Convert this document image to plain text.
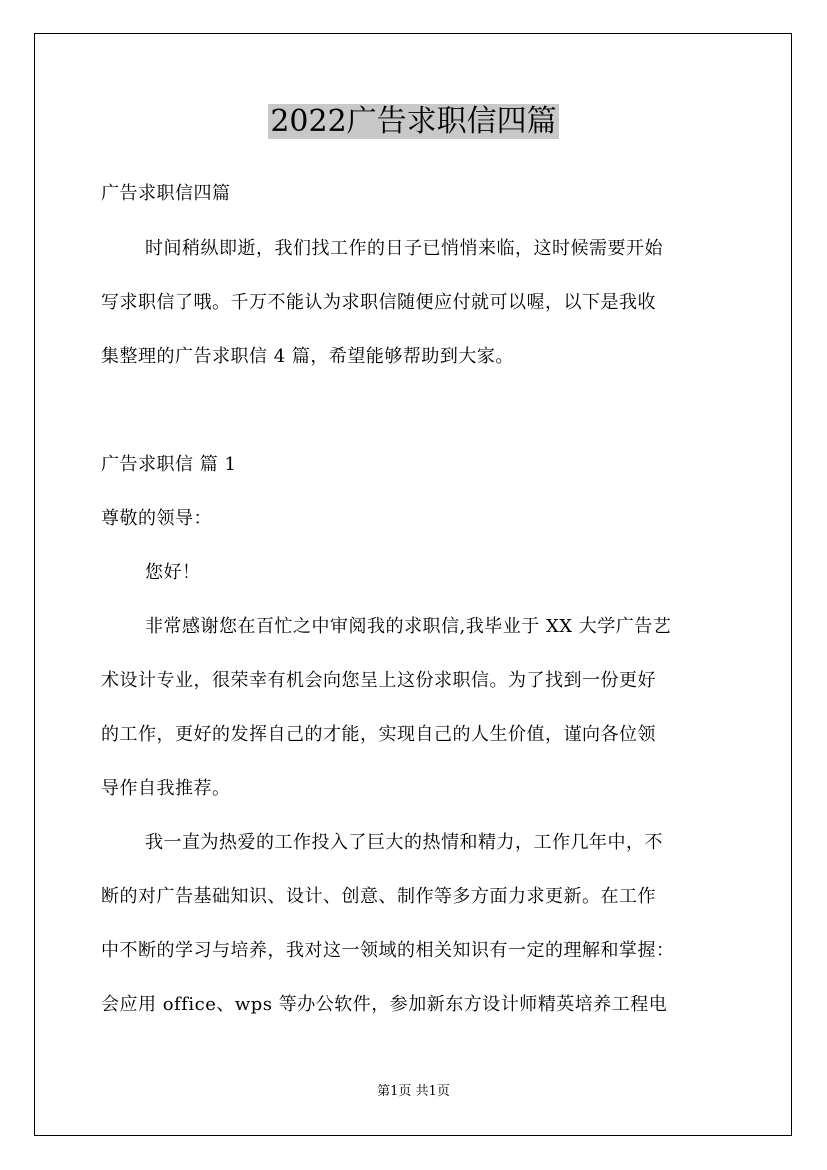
2022广告求职信四篇

广告求职信四篇

时间稍纵即逝，我们找工作的日子已悄悄来临，这时候需要开始

写求职信了哦。千万不能认为求职信随便应付就可以喔，以下是我收

集整理的广告求职信 4 篇，希望能够帮助到大家。

广告求职信 篇 1

尊敬的领导：

您好！

非常感谢您在百忙之中审阅我的求职信,我毕业于 XX 大学广告艺

术设计专业，很荣幸有机会向您呈上这份求职信。为了找到一份更好

的工作，更好的发挥自己的才能，实现自己的人生价值，谨向各位领

导作自我推荐。

我一直为热爱的工作投入了巨大的热情和精力，工作几年中，不

断的对广告基础知识、设计、创意、制作等多方面力求更新。在工作

中不断的学习与培养，我对这一领域的相关知识有一定的理解和掌握：

会应用 office、wps 等办公软件，参加新东方设计师精英培养工程电

第1页 共1页
